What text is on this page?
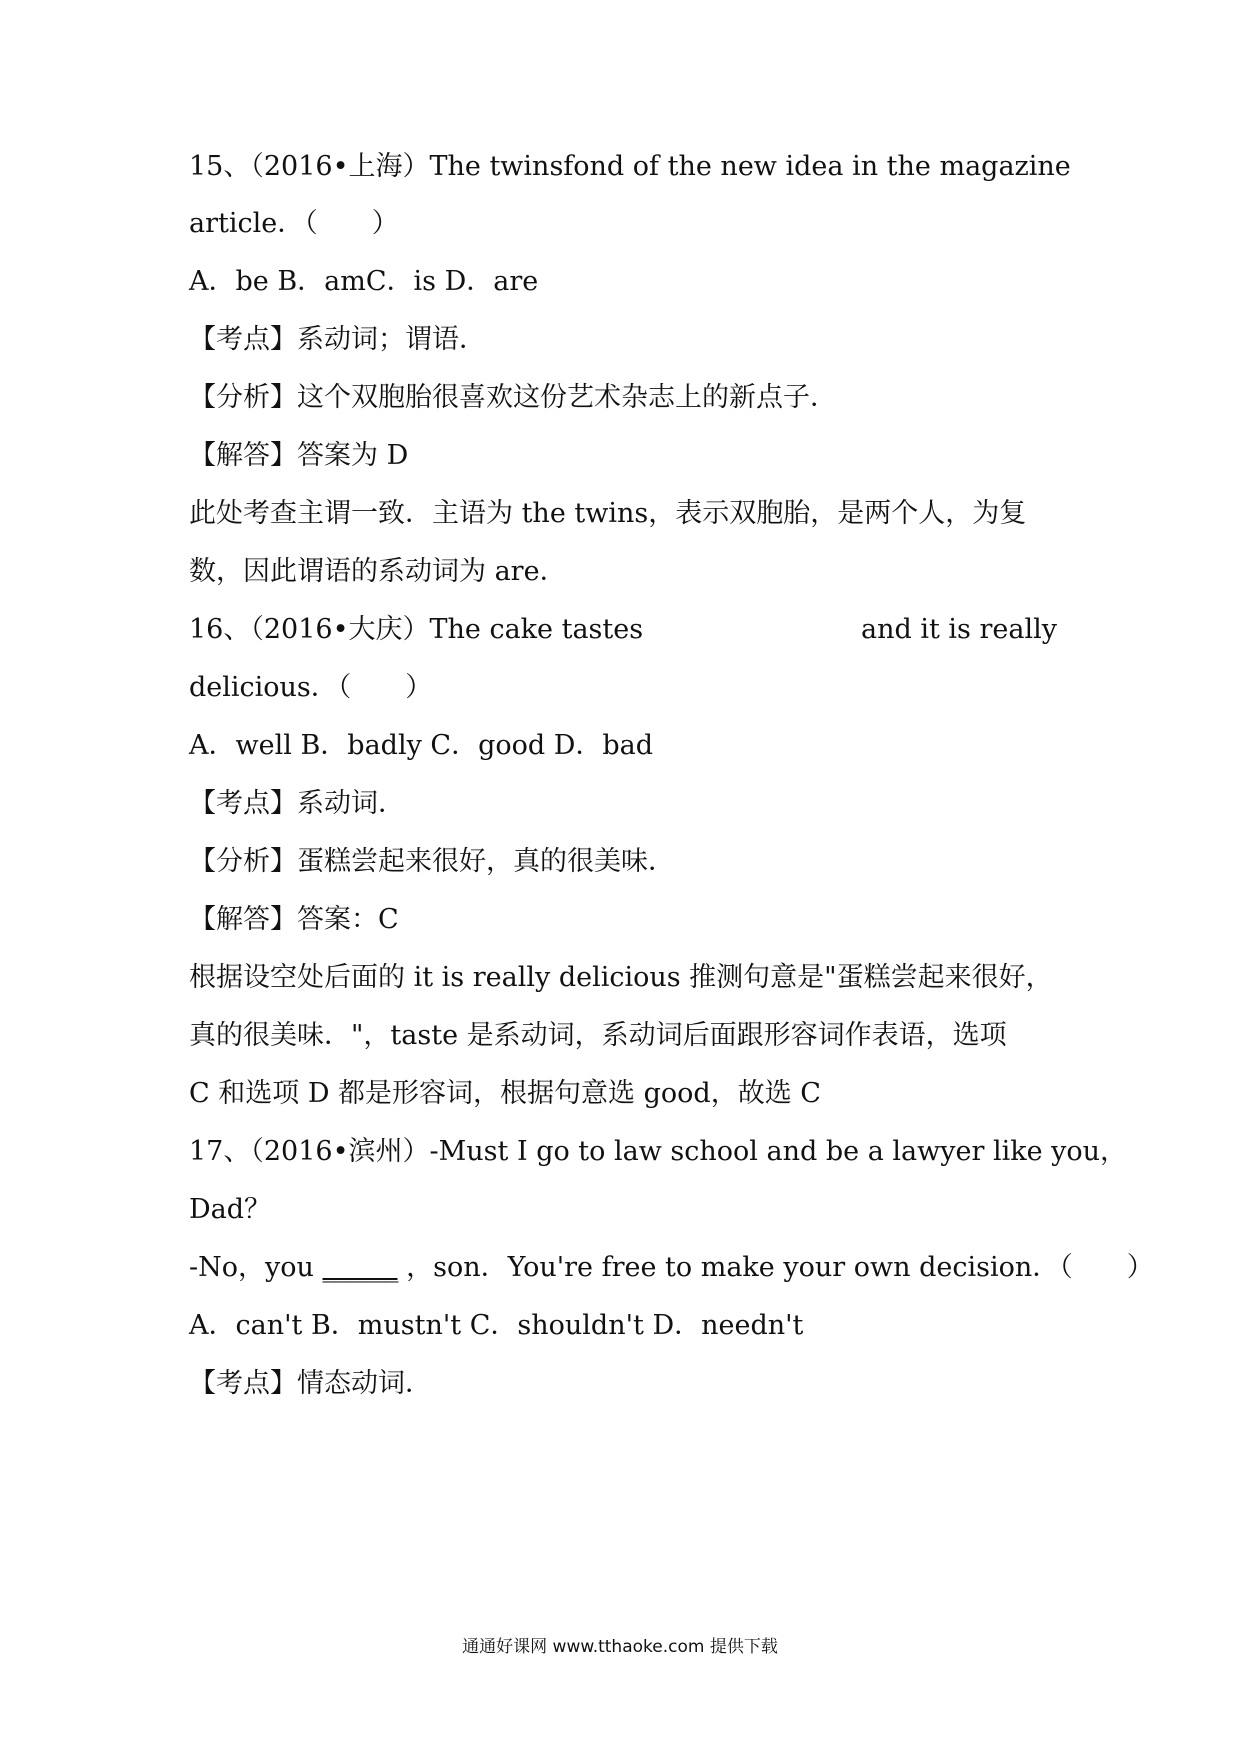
15、（2016•上海）The twins fond of the new idea in the magazine
article．（　　）
A．be B．amC．is D．are
【考点】系动词；谓语．
【分析】这个双胞胎很喜欢这份艺术杂志上的新点子．
【解答】答案为 D
此处考查主谓一致．主语为 the twins，表示双胞胎，是两个人，为复
数，因此谓语的系动词为 are．
16、（2016•大庆）The cake tastes	and it is really
delicious．（　　）
A．well B．badly C．good D．bad
【考点】系动词．
【分析】蛋糕尝起来很好，真的很美味．
【解答】答案：C
根据设空处后面的 it is really delicious 推测句意是"蛋糕尝起来很好，
真的很美味．"，taste 是系动词，系动词后面跟形容词作表语，选项
C 和选项 D 都是形容词，根据句意选 good，故选 C
17、（2016•滨州）-Must I go to law school and be a lawyer like you，
Dad？
-No，you ______ ，son．You're free to make your own decision．（　　）
A．can't B．mustn't C．shouldn't D．needn't
【考点】情态动词．
通通好课网 www.tthaoke.com 提供下载
